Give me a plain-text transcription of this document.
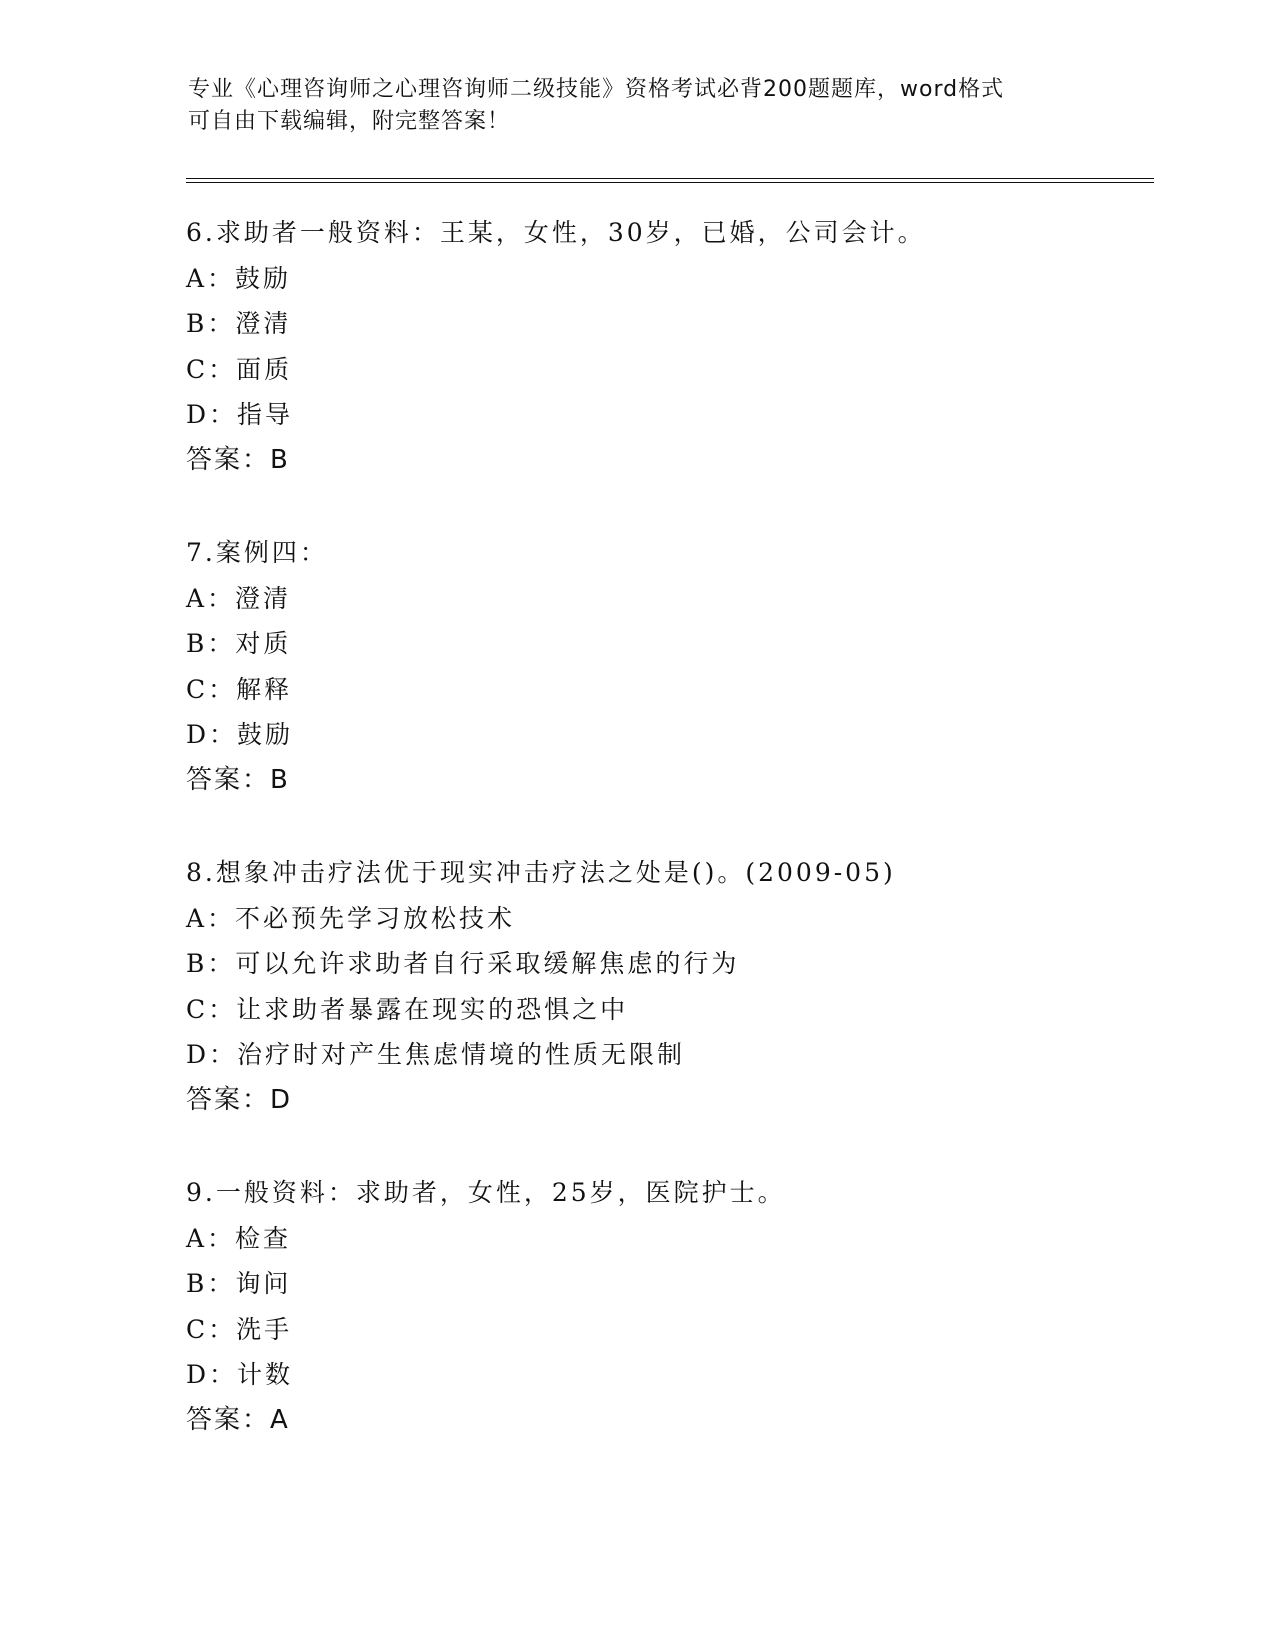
专业《心理咨询师之心理咨询师二级技能》资格考试必背200题题库，word格式
可自由下载编辑，附完整答案！
6.求助者一般资料：王某，女性，30岁，已婚，公司会计。
A：鼓励
B：澄清
C：面质
D：指导
答案：B
7.案例四：
A：澄清
B：对质
C：解释
D：鼓励
答案：B
8.想象冲击疗法优于现实冲击疗法之处是()。(2009-05)
A：不必预先学习放松技术
B：可以允许求助者自行采取缓解焦虑的行为
C：让求助者暴露在现实的恐惧之中
D：治疗时对产生焦虑情境的性质无限制
答案：D
9.一般资料：求助者，女性，25岁，医院护士。
A：检查
B：询问
C：洗手
D：计数
答案：A
